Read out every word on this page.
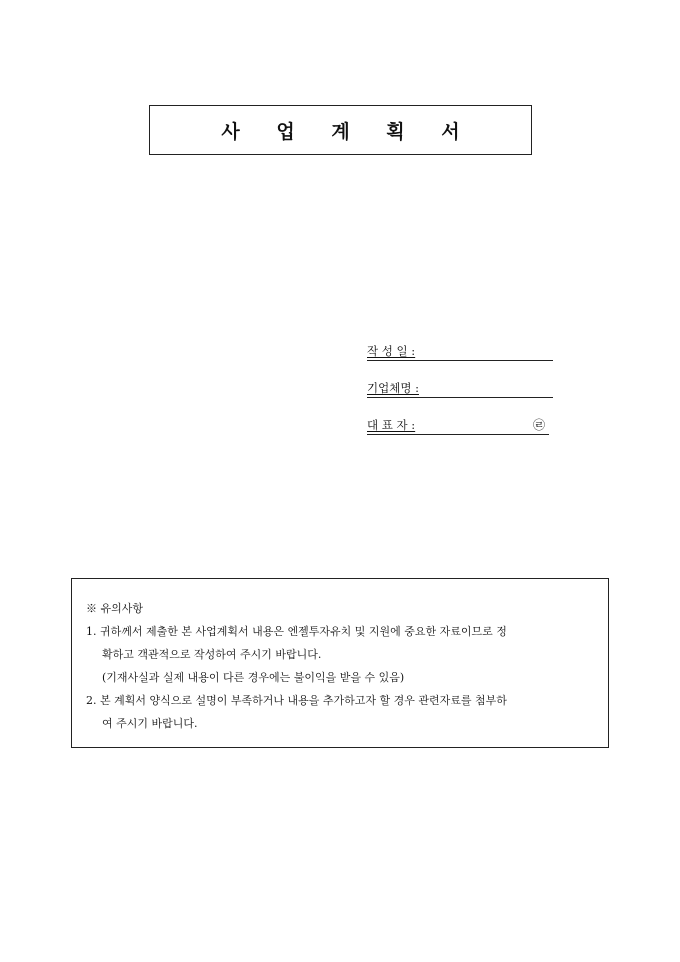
사 업 계 획 서
작 성 일 :
기업체명 :
대 표 자 :	㉣
※ 유의사항
1. 귀하께서 제출한 본 사업계획서 내용은 엔젤투자유치 및 지원에 중요한 자료이므로 정
확하고 객관적으로 작성하여 주시기 바랍니다.
(기재사실과 실제 내용이 다른 경우에는 불이익을 받을 수 있음)
2. 본 계획서 양식으로 설명이 부족하거나 내용을 추가하고자 할 경우 관련자료를 첨부하
여 주시기 바랍니다.
